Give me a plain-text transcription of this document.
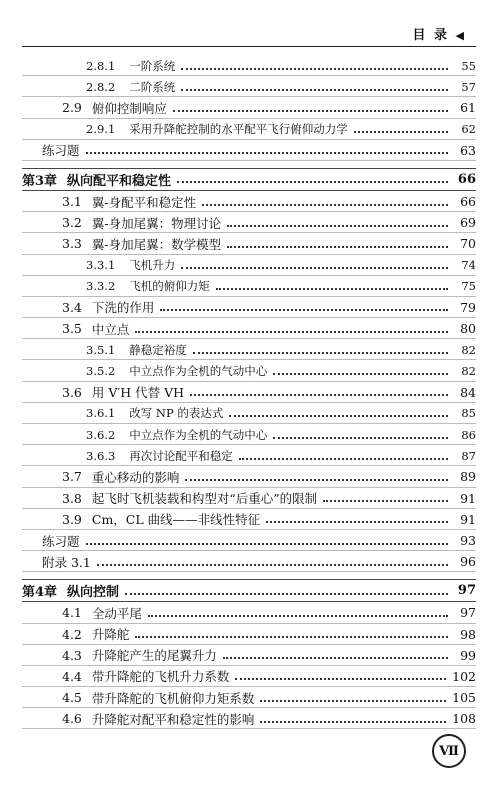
目 录 ◀
2.8.1 一阶系统	55
2.8.2 二阶系统	57
2.9 俯仰控制响应	61
2.9.1 采用升降舵控制的水平配平飞行俯仰动力学	62
练习题	63
第3章 纵向配平和稳定性	66
3.1 翼-身配平和稳定性	66
3.2 翼-身加尾翼：物理讨论	69
3.3 翼-身加尾翼：数学模型	70
3.3.1 飞机升力	74
3.3.2 飞机的俯仰力矩	75
3.4 下洗的作用	79
3.5 中立点	80
3.5.1 静稳定裕度	82
3.5.2 中立点作为全机的气动中心	82
3.6 用 V′H 代替 VH	84
3.6.1 改写 NP 的表达式	85
3.6.2 中立点作为全机的气动中心	86
3.6.3 再次讨论配平和稳定	87
3.7 重心移动的影响	89
3.8 起飞时飞机装载和构型对“后重心”的限制	91
3.9 Cm，CL 曲线——非线性特征	91
练习题	93
附录 3.1	96
第4章 纵向控制	97
4.1 全动平尾	97
4.2 升降舵	98
4.3 升降舵产生的尾翼升力	99
4.4 带升降舵的飞机升力系数	102
4.5 带升降舵的飞机俯仰力矩系数	105
4.6 升降舵对配平和稳定性的影响	108
Ⅶ
